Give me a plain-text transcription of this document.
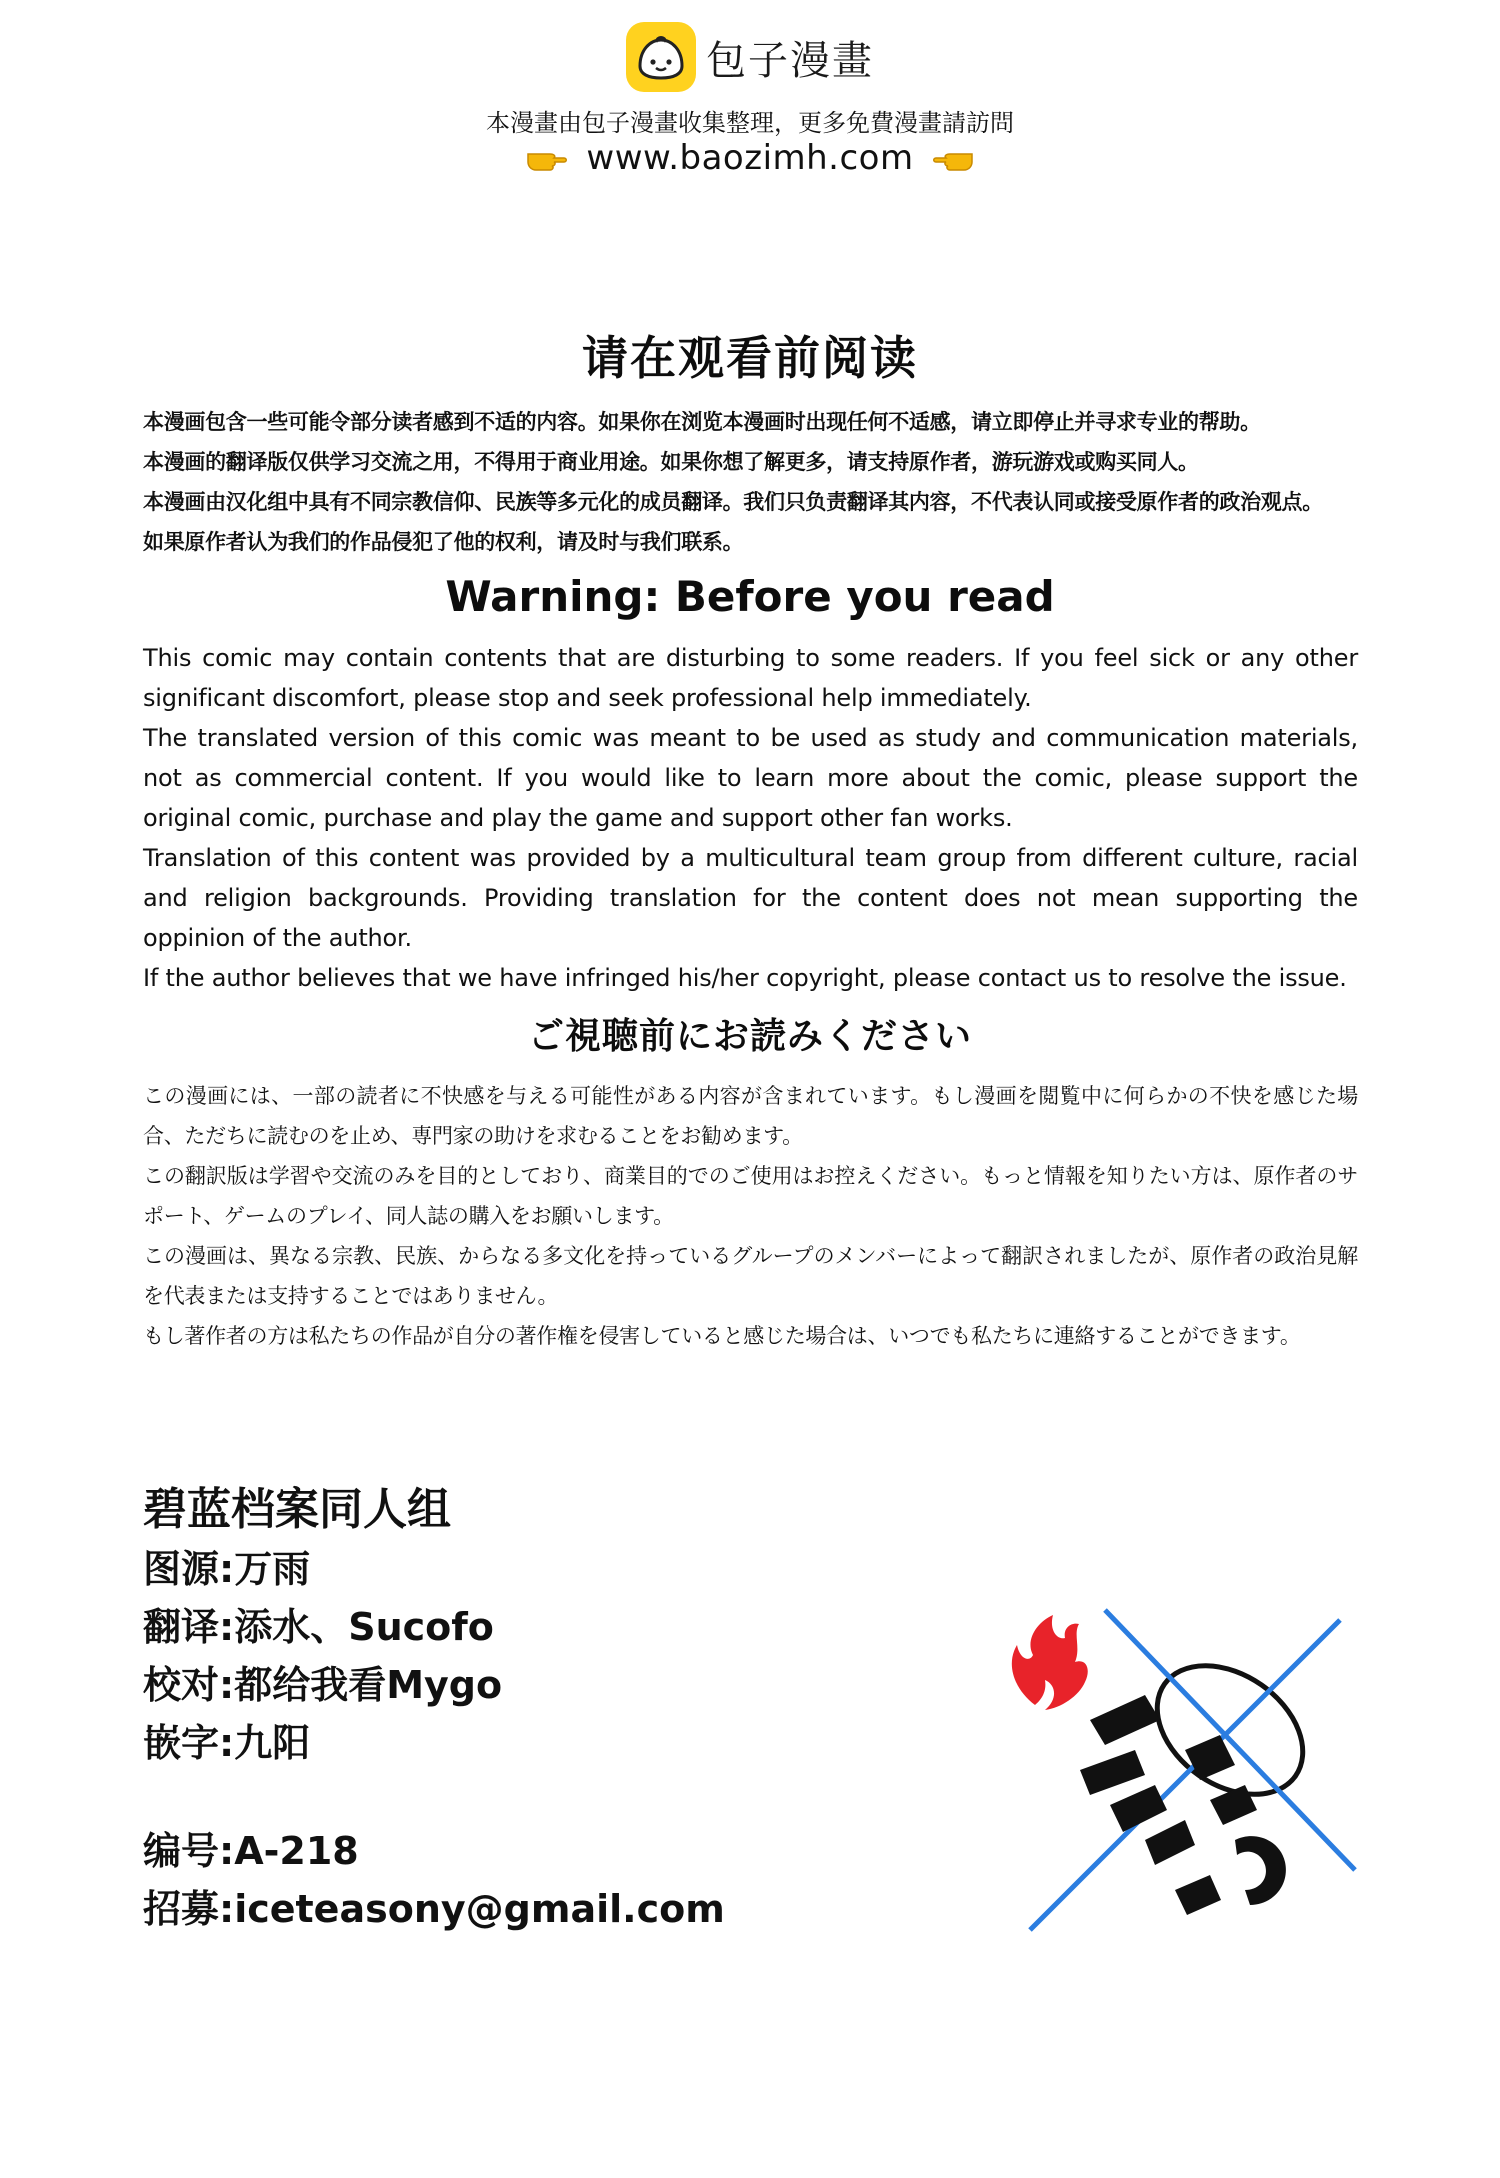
包子漫畫
本漫畫由包子漫畫收集整理，更多免費漫畫請訪問
www.baozimh.com
请在观看前阅读

本漫画包含一些可能令部分读者感到不适的内容。如果你在浏览本漫画时出现任何不适感，请立即停止并寻求专业的帮助。

本漫画的翻译版仅供学习交流之用，不得用于商业用途。如果你想了解更多，请支持原作者，游玩游戏或购买同人。

本漫画由汉化组中具有不同宗教信仰、民族等多元化的成员翻译。我们只负责翻译其内容，不代表认同或接受原作者的政治观点。

如果原作者认为我们的作品侵犯了他的权利，请及时与我们联系。

Warning: Before you read

This comic may contain contents that are disturbing to some readers. If you feel sick or any other significant discomfort, please stop and seek professional help immediately.

The translated version of this comic was meant to be used as study and communication materials, not as commercial content. If you would like to learn more about the comic, please support the original comic, purchase and play the game and support other fan works.

Translation of this content was provided by a multicultural team group from different culture, racial and religion backgrounds. Providing translation for the content does not mean supporting the oppinion of the author.

If the author believes that we have infringed his/her copyright, please contact us to resolve the issue.

ご視聴前にお読みください

この漫画には、一部の読者に不快感を与える可能性がある内容が含まれています。もし漫画を閲覧中に何らかの不快を感じた場合、ただちに読むのを止め、専門家の助けを求むることをお勧めます。

この翻訳版は学習や交流のみを目的としており、商業目的でのご使用はお控えください。もっと情報を知りたい方は、原作者のサポート、ゲームのプレイ、同人誌の購入をお願いします。

この漫画は、異なる宗教、民族、からなる多文化を持っているグループのメンバーによって翻訳されましたが、原作者の政治見解を代表または支持することではありません。

もし著作者の方は私たちの作品が自分の著作権を侵害していると感じた場合は、いつでも私たちに連絡することができます。

碧蓝档案同人组

图源:万雨

翻译:添水、Sucofo

校对:都给我看Mygo

嵌字:九阳

编号:A-218

招募:iceteasony@gmail.com
